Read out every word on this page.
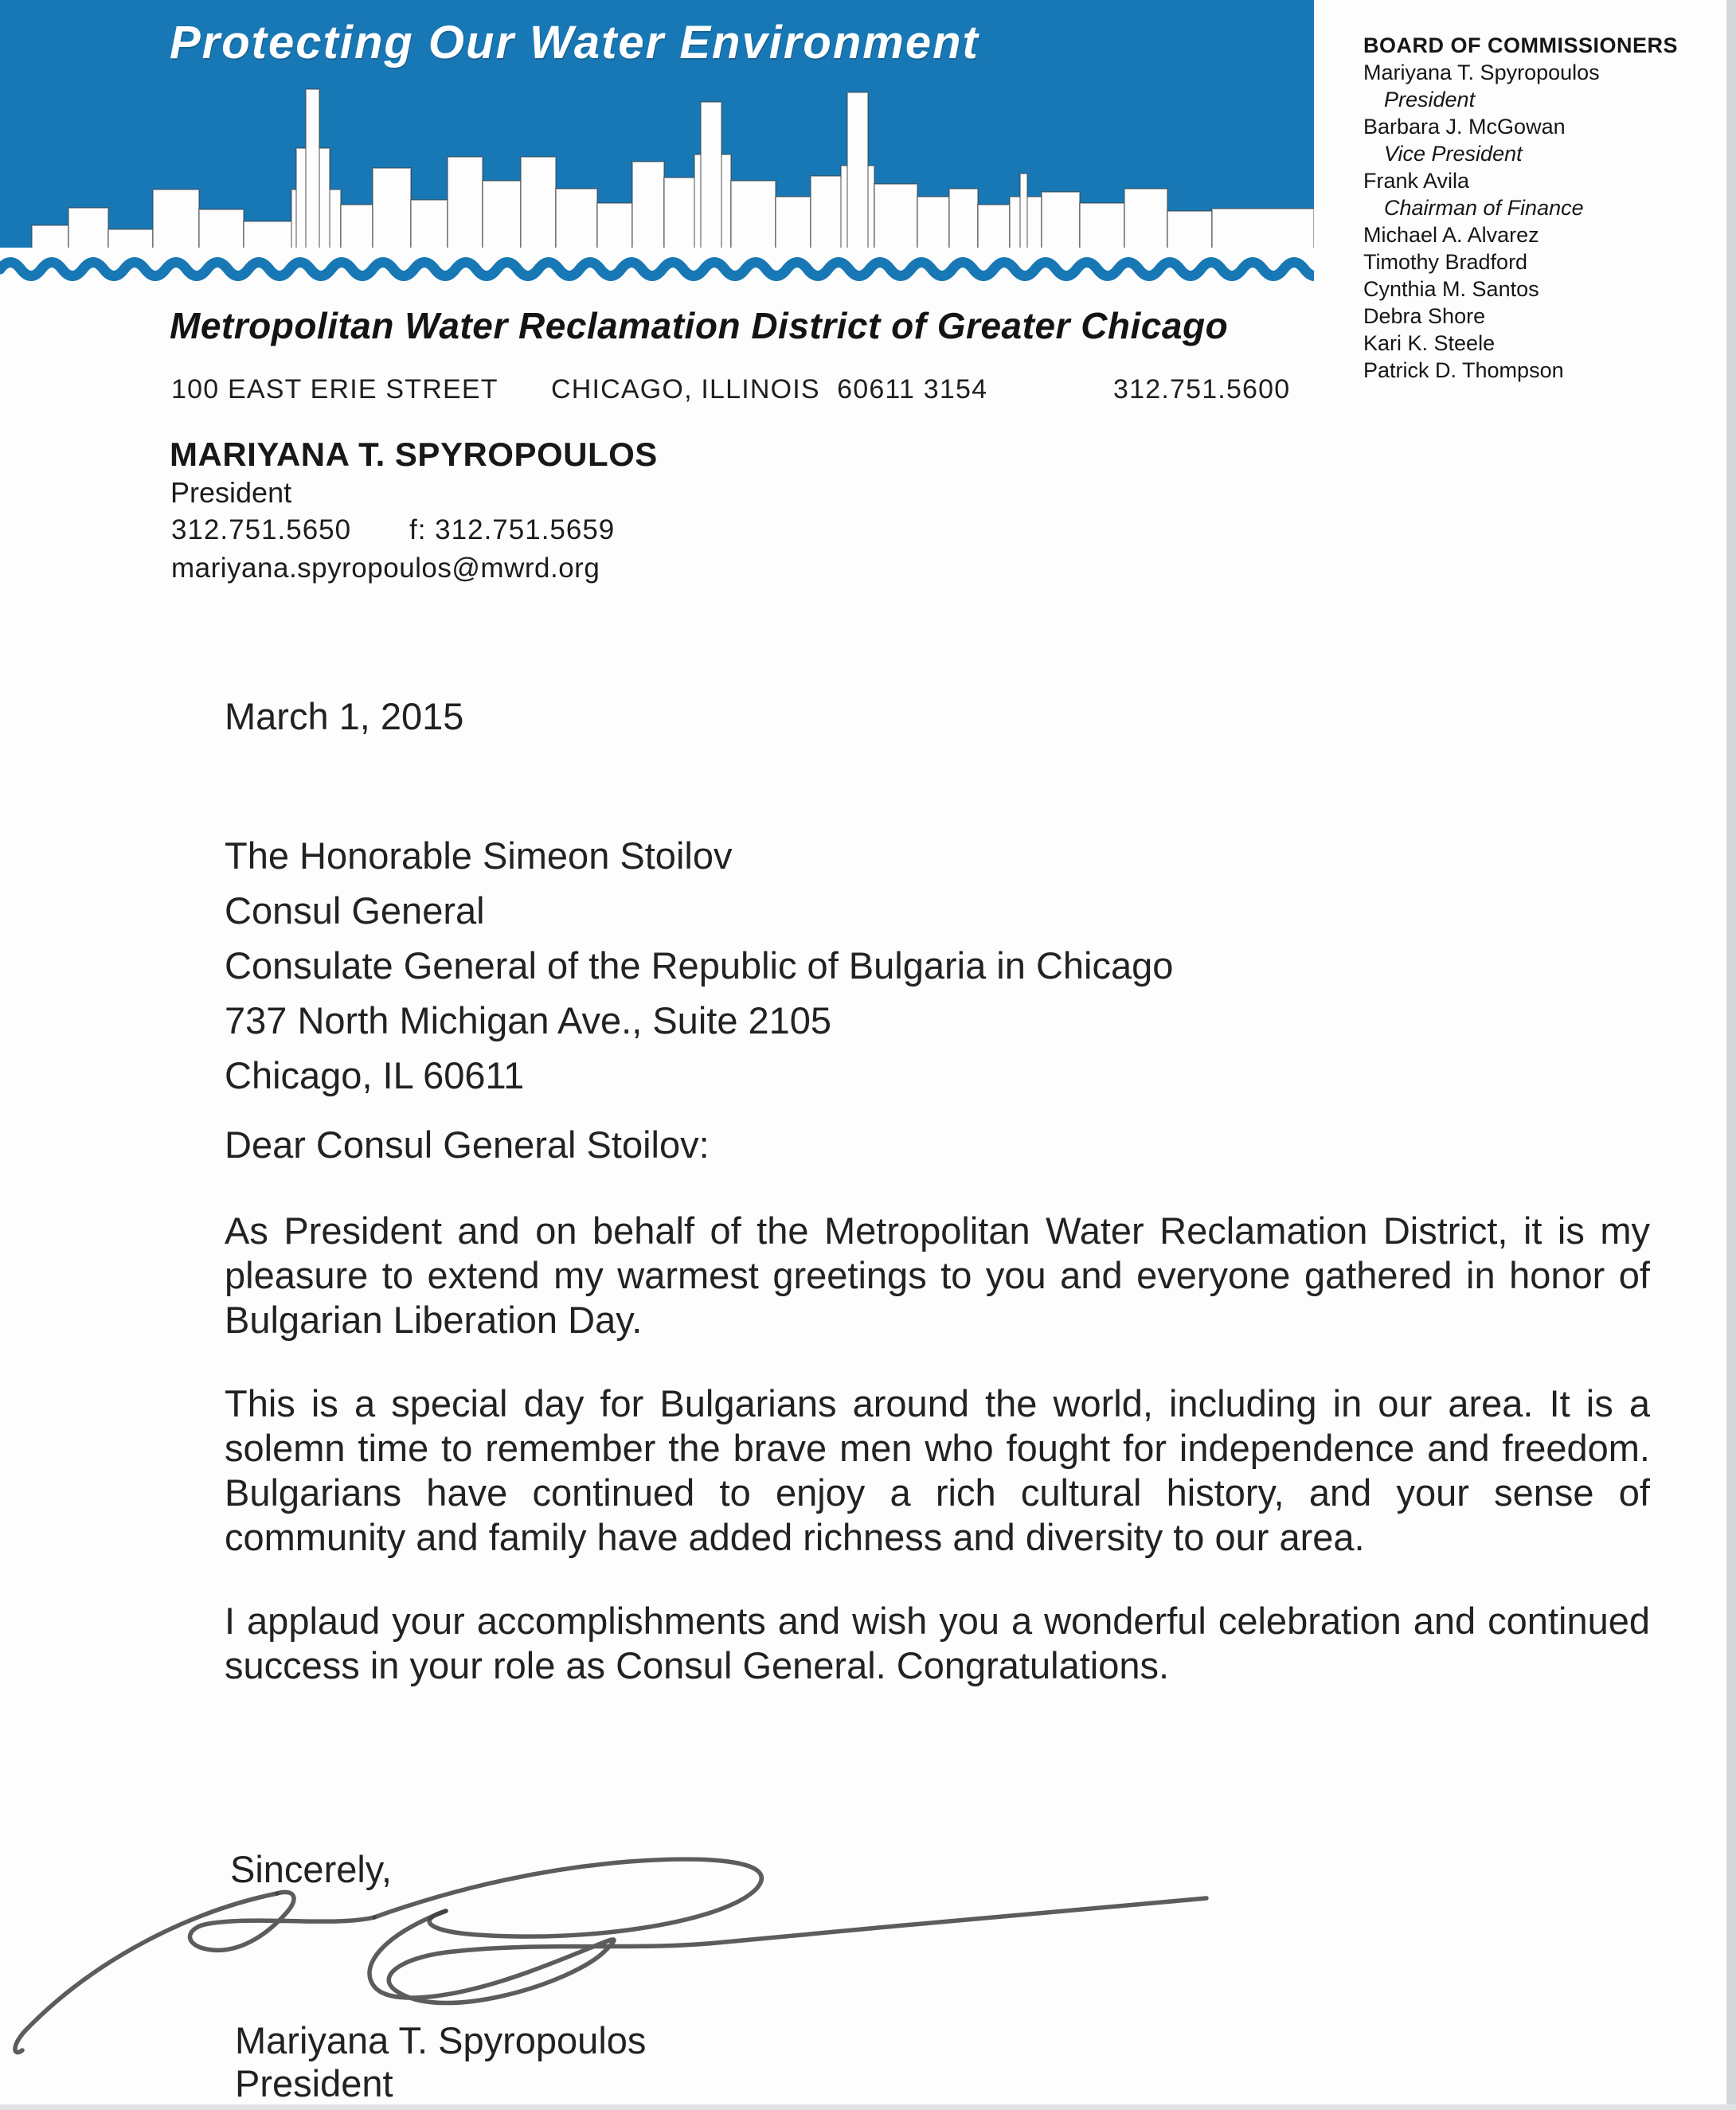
Protecting Our Water Environment	BOARD OF COMMISSIONERS
Mariyana T. Spyropoulos
President
Barbara J. McGowan
Vice President
Frank Avila
Chairman of Finance
Michael A. Alvarez
Timothy Bradford
Cynthia M. Santos
Debra Shore
Kari K. Steele
Patrick D. Thompson
Metropolitan Water Reclamation District of Greater Chicago
100 EAST ERIE STREET CHICAGO, ILLINOIS  60611 3154	312.751.5600
MARIYANA T. SPYROPOULOS
President
312.751.5650 f: 312.751.5659
mariyana.spyropoulos@mwrd.org
March 1, 2015
The Honorable Simeon Stoilov
Consul General
Consulate General of the Republic of Bulgaria in Chicago
737 North Michigan Ave., Suite 2105
Chicago, IL 60611
Dear Consul General Stoilov:

As President and on behalf of the Metropolitan Water Reclamation District, it is my pleasure to extend my warmest greetings to you and everyone gathered in honor of Bulgarian Liberation Day.

This is a special day for Bulgarians around the world, including in our area. It is a solemn time to remember the brave men who fought for independence and freedom. Bulgarians have continued to enjoy a rich cultural history, and your sense of community and family have added richness and diversity to our area.

I applaud your accomplishments and wish you a wonderful celebration and continued success in your role as Consul General. Congratulations.

Sincerely,
Mariyana T. Spyropoulos
President
